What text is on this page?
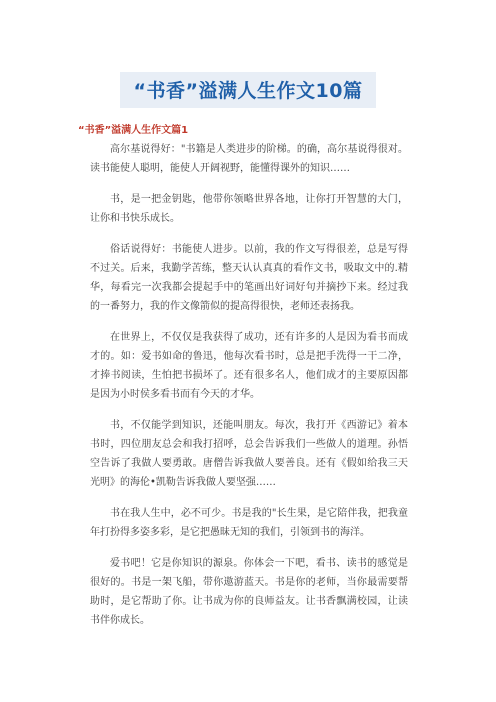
“书香”溢满人生作文10篇
“书香”溢满人生作文篇1

高尔基说得好："书籍是人类进步的阶梯。的确，高尔基说得很对。读书能使人聪明，能使人开阔视野，能懂得课外的知识……

书，是一把金钥匙，他带你领略世界各地，让你打开智慧的大门，让你和书快乐成长。

俗话说得好：书能使人进步。以前，我的作文写得很差，总是写得不过关。后来，我勤学苦练，整天认认真真的看作文书，吸取文中的.精华，每看完一次我都会提起手中的笔画出好词好句并摘抄下来。经过我的一番努力，我的作文像箭似的提高得很快，老师还表扬我。

在世界上，不仅仅是我获得了成功，还有许多的人是因为看书而成才的。如：爱书如命的鲁迅，他每次看书时，总是把手洗得一干二净，才捧书阅读，生怕把书损坏了。还有很多名人，他们成才的主要原因都是因为小时侯多看书而有今天的才华。

书，不仅能学到知识，还能叫朋友。每次，我打开《西游记》着本书时，四位朋友总会和我打招呼，总会告诉我们一些做人的道理。孙悟空告诉了我做人要勇敢。唐僧告诉我做人要善良。还有《假如给我三天光明》的海伦•凯勒告诉我做人要坚强……

书在我人生中，必不可少。书是我的"长生果，是它陪伴我，把我童年打扮得多姿多彩，是它把愚昧无知的我们，引领到书的海洋。

爱书吧！它是你知识的源泉。你体会一下吧，看书、读书的感觉是很好的。书是一架飞船，带你遨游蓝天。书是你的老师，当你最需要帮助时，是它帮助了你。让书成为你的良师益友。让书香飘满校园，让读书伴你成长。
